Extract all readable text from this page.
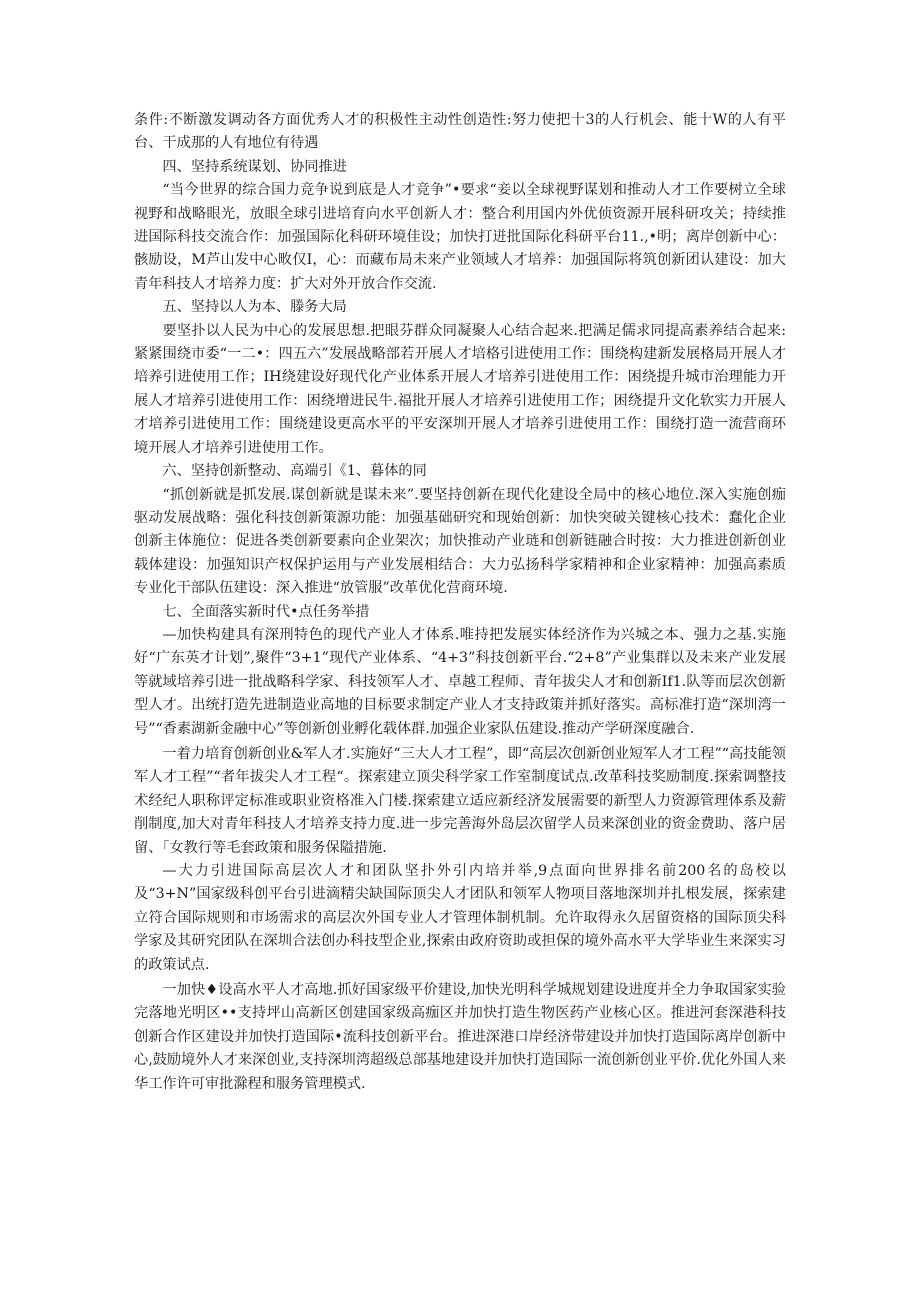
条件:不断激发调动各方面优秀人才的积极性主动性创造性:努力使把十3的人行机会、能十W的人有平台、干成那的人有地位有待遇

四、坚持系统谋划、协同推进

“当今世界的综合国力竞争说到底是人才竞争”•要求“妾以全球视野谋划和推动人才工作要树立全球视野和战略眼光，放眼全球引进培育向水平创新人才：整合利用国内外优侦资源开展科研攻关；持续推进国际科技交流合作：加强国际化科研环境佳设；加快打迸批国际化科研平台11.,•明；离岸创新中心：骸励设，M芦山发中心畋仅I，心：而藏布局未来产业领域人才培养：加强国际将筑创新团认建设：加大青年科技人才培养力度：扩大对外开放合作交流.

五、坚持以人为本、滕务大局

要坚扑以人民为中心的发展思想.把眼芬群众同凝聚人心结合起来.把满足儒求同提高素养结合起来:紧紧围绕市委“一二•：四五六”发展战略部若开展人才培格引进使用工作：围绕构建新发展格局开展人才培养引进使用工作；IH绕建设好现代化产业体系开展人才培养引进使用工作：困绕提升城市治理能力开展人才培养引进使用工作：困绕增进民牛.福批开展人才培养引进使用工作；困绕提升文化软实力开展人才培养引进使用工作：围绕建设更高水平的平安深圳开展人才培养引进使用工作：围绕打造一流营商环境开展人才培养引进使用工作。

六、坚持创新整动、高端引《1、暮体的同

“抓创新就是抓发展.谋创新就是谋未来”.要坚持创新在现代化建设全局中的核心地位.深入实施创痂驱动发展战略：强化科技创新策源功能：加强基础研究和现始创新：加快突破关键核心技术：蠢化企业创新主体施位：促进各类创新要素向企业架次；加快推动产业琏和创新链融合时按：大力推进创新创业载体建设：加强知识产权保护运用与产业发展相结合：大力弘扬科学家精神和企业家精神：加强高素质专业化干部队伍建设：深入推进“放管服”改革优化营商环境.

七、全面落实新时代•点任务举措

—加快构建具有深刑特色的现代产业人才体系.唯持把发展实体经济作为兴城之本、强力之基.实施好“广东英才计划”,聚件“3+1”现代产业体系、“4+3”科技创新平台.“2+8”产业集群以及未来产业发展等就域培养引进一批战略科学家、科技领军人才、卓越工程师、青年拔尖人才和创新If1.队等而层次创新型人才。出统打造先进制造业高地的目标要求制定产业人才支持政策并抓好落实。高标准打造“深圳湾一号”“香素湖新金融中心”等创新创业孵化载体群.加强企业家队伍建设.推动产学研深度融合.

一着力培育创新创业&军人才.实施好“三大人才工程”，即“高层次创新创业短军人才工程”“高技能领军人才工程”“者年拔尖人才工程“。探索建立顶尖科学家工作室制度试点.改革科技奖励制度.探索调整技术经纪人职称评定标准或职业资格准入门楼.探索建立适应新经济发展需要的新型人力资源管理体系及薪削制度,加大对青年科技人才培养支持力度.进一步完善海外岛层次留学人员来深创业的资金费助、落户居留、「女教行等毛套政策和服务保隘措施.

—大力引进国际高层次人才和团队坚扑外引内培并举,9点面向世界排名前200名的岛校以及“3+N”国家级科创平台引进滴精尖缺国际顶尖人才团队和领军人物项目落地深圳并扎根发展，探索建立符合国际规则和市场需求的高层次外国专业人才管理体制机制。允许取得永久居留资格的国际顶尖科学家及其研究团队在深圳合法创办科技型企业,探索由政府资助或担保的境外高水平大学毕业生来深实习的政策试点.

一加快♦设高水平人才高地.抓好国家级平价建设,加快光明科学城规划建设进度并全力争取国家实验完落地光明区••支持坪山高新区创建国家级高痂区并加快打造生物医药产业核心区。推进河套深港科技创新合作区建设并加快打造国际•流科技创新平台。推进深港口岸经济带建设并加快打造国际离岸创新中心,鼓励境外人才来深创业,支持深圳湾超级总部基地建设并加快打造国际一流创新创业平价.优化外国人来华工作许可审批滁程和服务管理模式.
